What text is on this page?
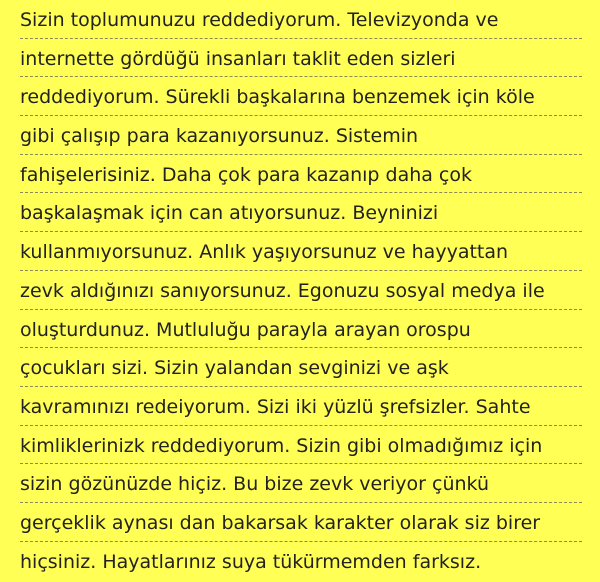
Sizin toplumunuzu reddediyorum. Televizyonda ve
internette gördüğü insanları taklit eden sizleri
reddediyorum. Sürekli başkalarına benzemek için köle
gibi çalışıp para kazanıyorsunuz. Sistemin
fahişelerisiniz. Daha çok para kazanıp daha çok
başkalaşmak için can atıyorsunuz. Beyninizi
kullanmıyorsunuz. Anlık yaşıyorsunuz ve hayyattan
zevk aldığınızı sanıyorsunuz. Egonuzu sosyal medya ile
oluşturdunuz. Mutluluğu parayla arayan orospu
çocukları sizi. Sizin yalandan sevginizi ve aşk
kavramınızı redeiyorum. Sizi iki yüzlü şrefsizler. Sahte
kimliklerinizk reddediyorum. Sizin gibi olmadığımız için
sizin gözünüzde hiçiz. Bu bize zevk veriyor çünkü
gerçeklik aynası dan bakarsak karakter olarak siz birer
hiçsiniz. Hayatlarınız suya tükürmemden farksız.
